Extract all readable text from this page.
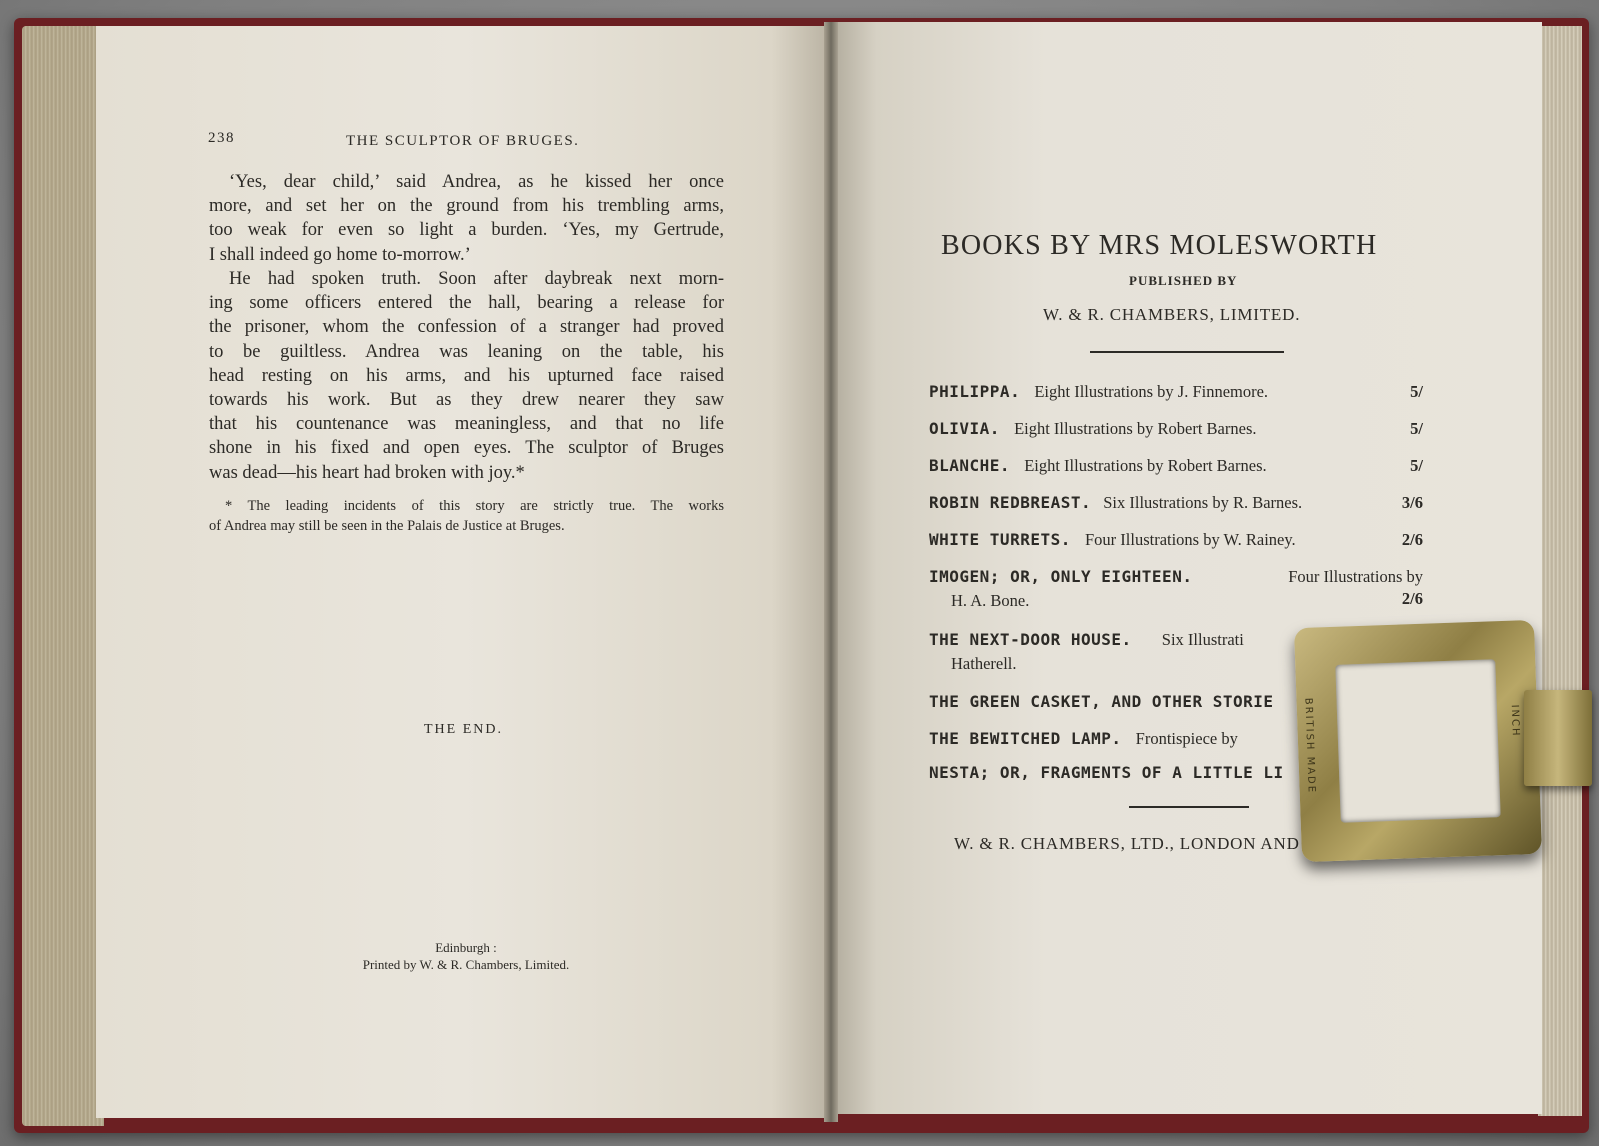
238	THE SCULPTOR OF BRUGES.
‘Yes, dear child,’ said Andrea, as he kissed her once
more, and set her on the ground from his trembling arms,
too weak for even so light a burden. ‘Yes, my Gertrude,
I shall indeed go home to-morrow.’
He had spoken truth. Soon after daybreak next morn-
ing some officers entered the hall, bearing a release for
the prisoner, whom the confession of a stranger had proved
to be guiltless. Andrea was leaning on the table, his
head resting on his arms, and his upturned face raised
towards his work. But as they drew nearer they saw
that his countenance was meaningless, and that no life
shone in his fixed and open eyes. The sculptor of Bruges
was dead—his heart had broken with joy.*
* The leading incidents of this story are strictly true. The works
of Andrea may still be seen in the Palais de Justice at Bruges.
THE END.
Edinburgh :
Printed by W. & R. Chambers, Limited.
BOOKS BY MRS MOLESWORTH
PUBLISHED BY
W. & R. CHAMBERS, LIMITED.
PHILIPPA. Eight Illustrations by J. Finnemore.	5/
OLIVIA. Eight Illustrations by Robert Barnes.	5/
BLANCHE. Eight Illustrations by Robert Barnes.	5/
ROBIN REDBREAST. Six Illustrations by R. Barnes.	3/6
WHITE TURRETS. Four Illustrations by W. Rainey.	2/6
IMOGEN; OR, ONLY EIGHTEEN.	Four Illustrations by
H. A. Bone.	2/6
THE NEXT-DOOR HOUSE. Six Illustrati
Hatherell.
THE GREEN CASKET, AND OTHER STORIE
THE BEWITCHED LAMP. Frontispiece by
NESTA; OR, FRAGMENTS OF A LITTLE LI
W. & R. CHAMBERS, LTD., LONDON AND
BRITISH MADE	INCH
